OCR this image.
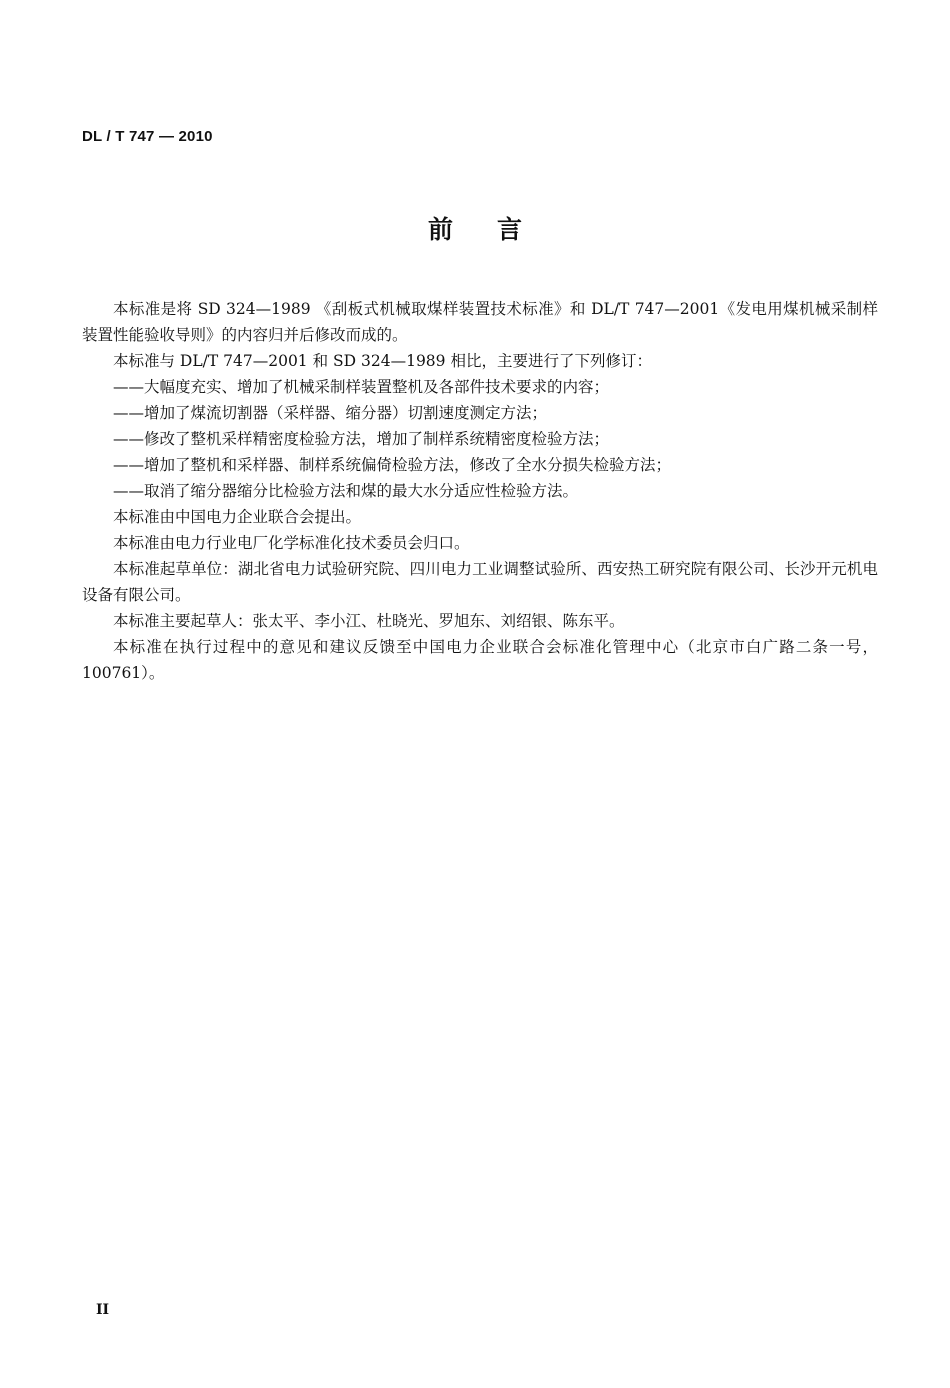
DL / T 747 — 2010
前言

本标准是将 SD 324—1989 《刮板式机械取煤样装置技术标准》和 DL/T 747—2001《发电用煤机械采制样装置性能验收导则》的内容归并后修改而成的。

本标准与 DL/T 747—2001 和 SD 324—1989 相比，主要进行了下列修订：

——大幅度充实、增加了机械采制样装置整机及各部件技术要求的内容；

——增加了煤流切割器（采样器、缩分器）切割速度测定方法；

——修改了整机采样精密度检验方法，增加了制样系统精密度检验方法；

——增加了整机和采样器、制样系统偏倚检验方法，修改了全水分损失检验方法；

——取消了缩分器缩分比检验方法和煤的最大水分适应性检验方法。

本标准由中国电力企业联合会提出。

本标准由电力行业电厂化学标准化技术委员会归口。

本标准起草单位：湖北省电力试验研究院、四川电力工业调整试验所、西安热工研究院有限公司、长沙开元机电设备有限公司。

本标准主要起草人：张太平、李小江、杜晓光、罗旭东、刘绍银、陈东平。

本标准在执行过程中的意见和建议反馈至中国电力企业联合会标准化管理中心（北京市白广路二条一号，100761）。

II
